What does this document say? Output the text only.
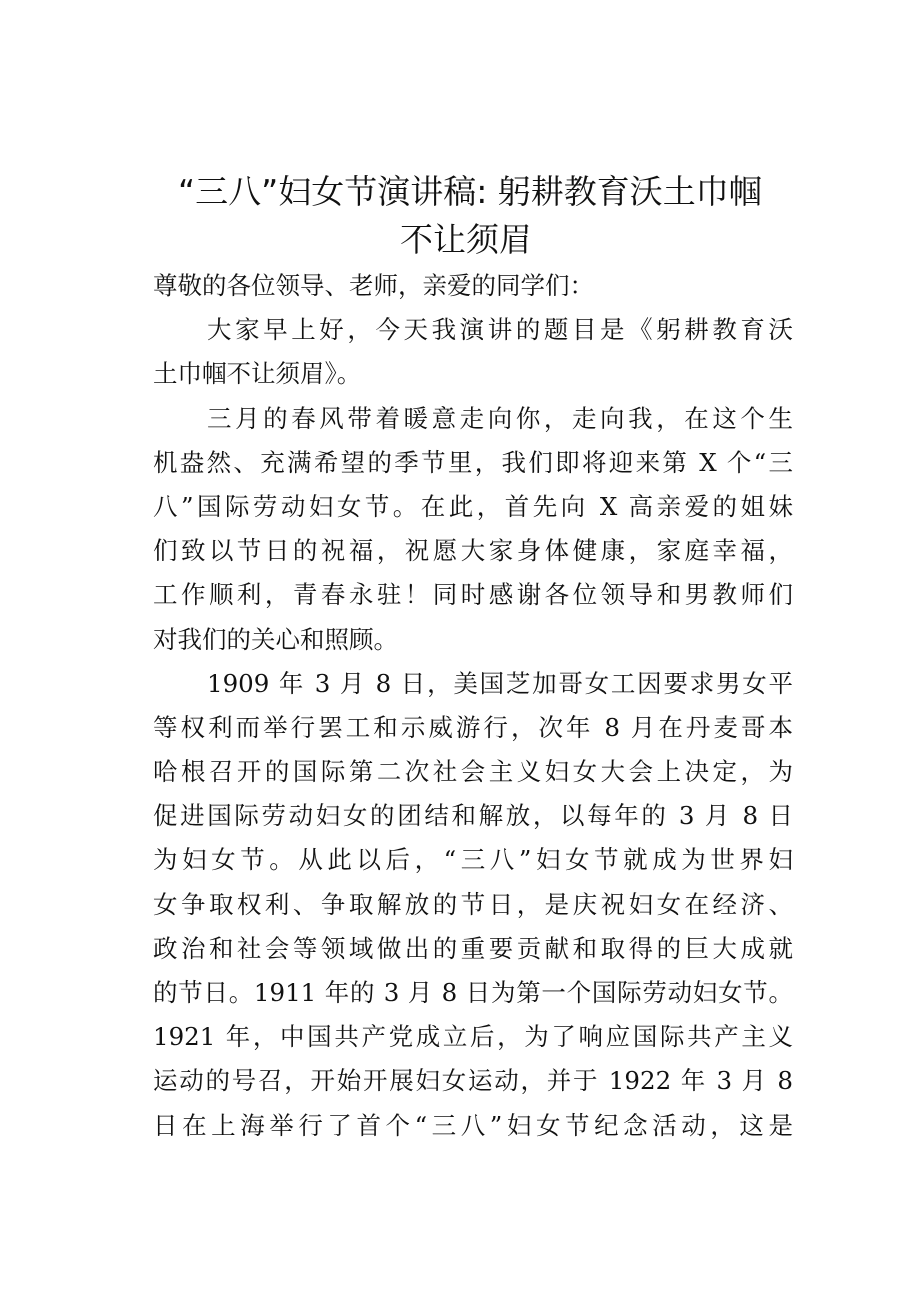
“三八”妇女节演讲稿: 躬耕教育沃土巾帼
不让须眉
尊敬的各位领导、老师，亲爱的同学们：
大家早上好，今天我演讲的题目是《躬耕教育沃
土巾帼不让须眉》。
三月的春风带着暖意走向你，走向我，在这个生
机盎然、充满希望的季节里，我们即将迎来第 X 个“三
八”国际劳动妇女节。在此，首先向 X 高亲爱的姐妹
们致以节日的祝福，祝愿大家身体健康，家庭幸福，
工作顺利，青春永驻！同时感谢各位领导和男教师们
对我们的关心和照顾。
1909 年 3 月 8 日，美国芝加哥女工因要求男女平
等权利而举行罢工和示威游行，次年 8 月在丹麦哥本
哈根召开的国际第二次社会主义妇女大会上决定，为
促进国际劳动妇女的团结和解放，以每年的 3 月 8 日
为妇女节。从此以后，“三八”妇女节就成为世界妇
女争取权利、争取解放的节日，是庆祝妇女在经济、
政治和社会等领域做出的重要贡献和取得的巨大成就
的节日。1911 年的 3 月 8 日为第一个国际劳动妇女节。
1921 年，中国共产党成立后，为了响应国际共产主义
运动的号召，开始开展妇女运动，并于 1922 年 3 月 8
日在上海举行了首个“三八”妇女节纪念活动，这是
